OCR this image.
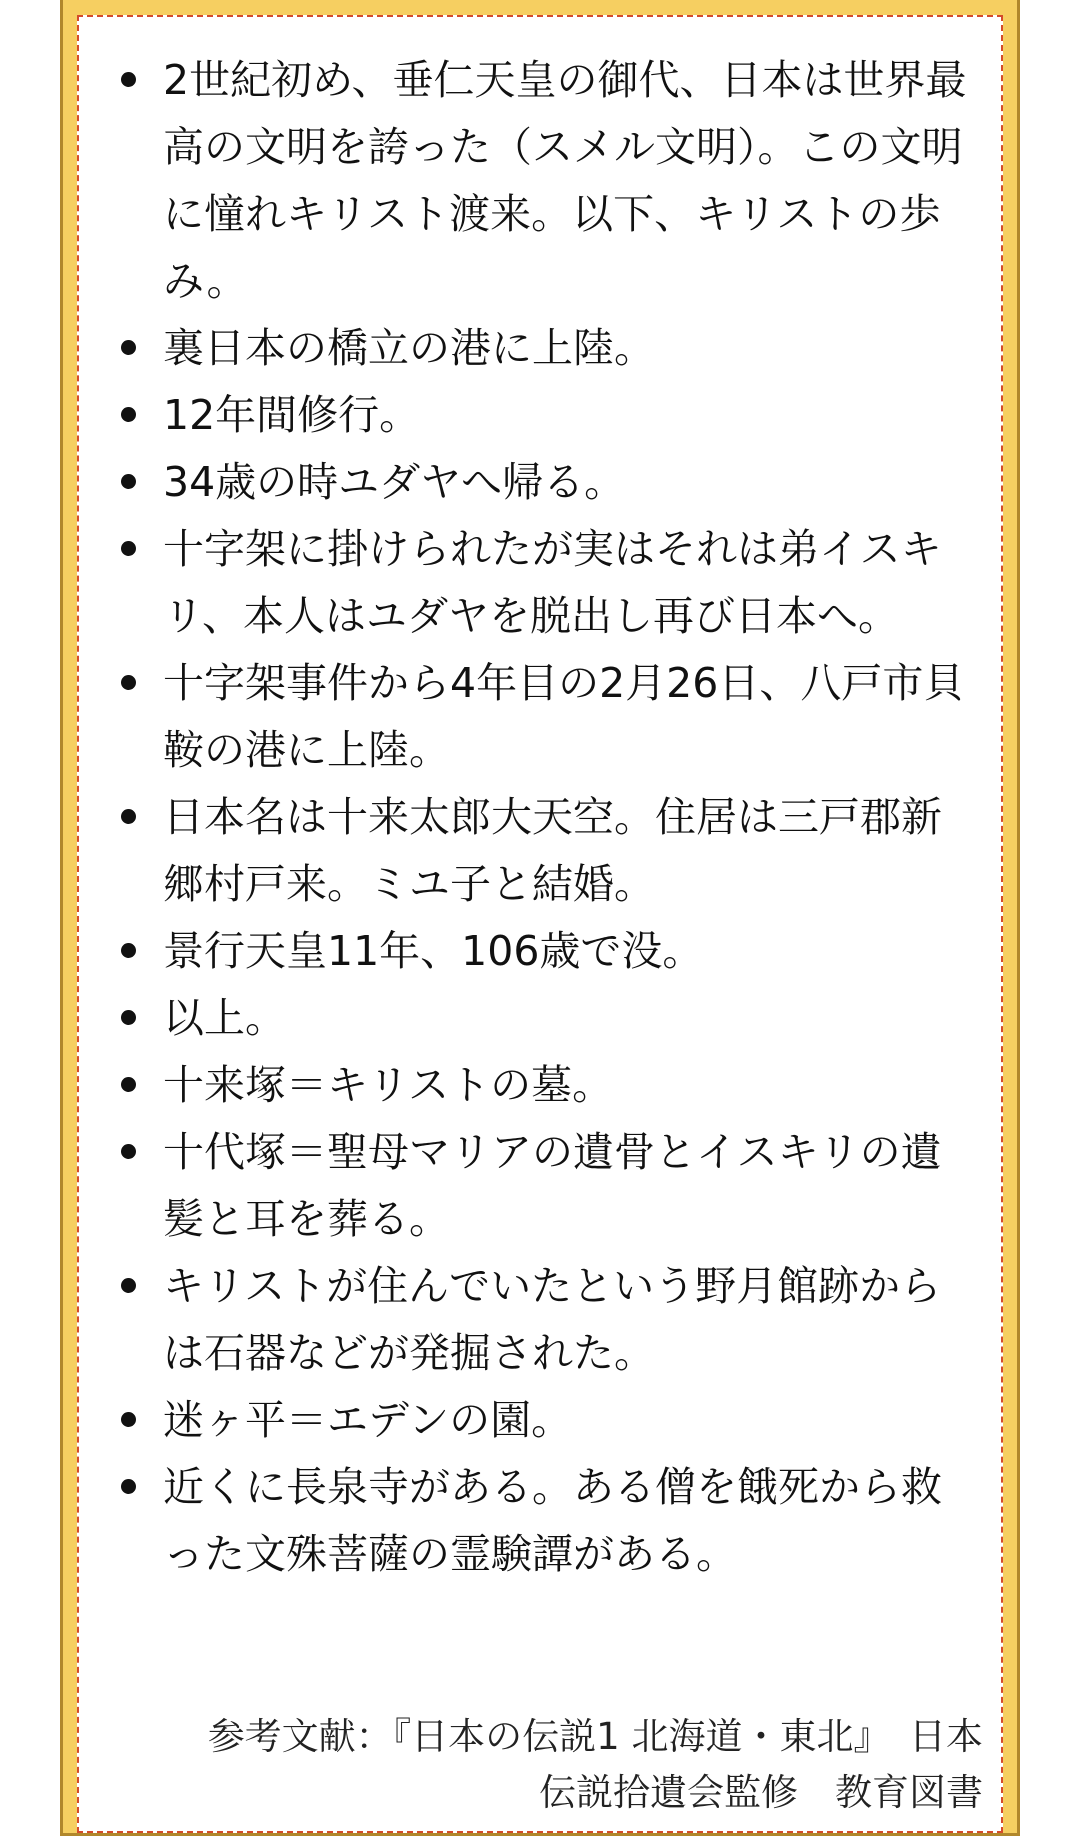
2世紀初め、垂仁天皇の御代、日本は世界最高の文明を誇った（スメル文明）。この文明に憧れキリスト渡来。以下、キリストの歩み。
裏日本の橋立の港に上陸。
12年間修行。
34歳の時ユダヤへ帰る。
十字架に掛けられたが実はそれは弟イスキリ、本人はユダヤを脱出し再び日本へ。
十字架事件から4年目の2月26日、八戸市貝鞍の港に上陸。
日本名は十来太郎大天空。住居は三戸郡新郷村戸来。ミユ子と結婚。
景行天皇11年、106歳で没。
以上。
十来塚＝キリストの墓。
十代塚＝聖母マリアの遺骨とイスキリの遺髪と耳を葬る。
キリストが住んでいたという野月館跡からは石器などが発掘された。
迷ヶ平＝エデンの園。
近くに長泉寺がある。ある僧を餓死から救った文殊菩薩の霊験譚がある。
参考文献：『日本の伝説1 北海道・東北』　日本
伝説拾遺会監修　教育図書
